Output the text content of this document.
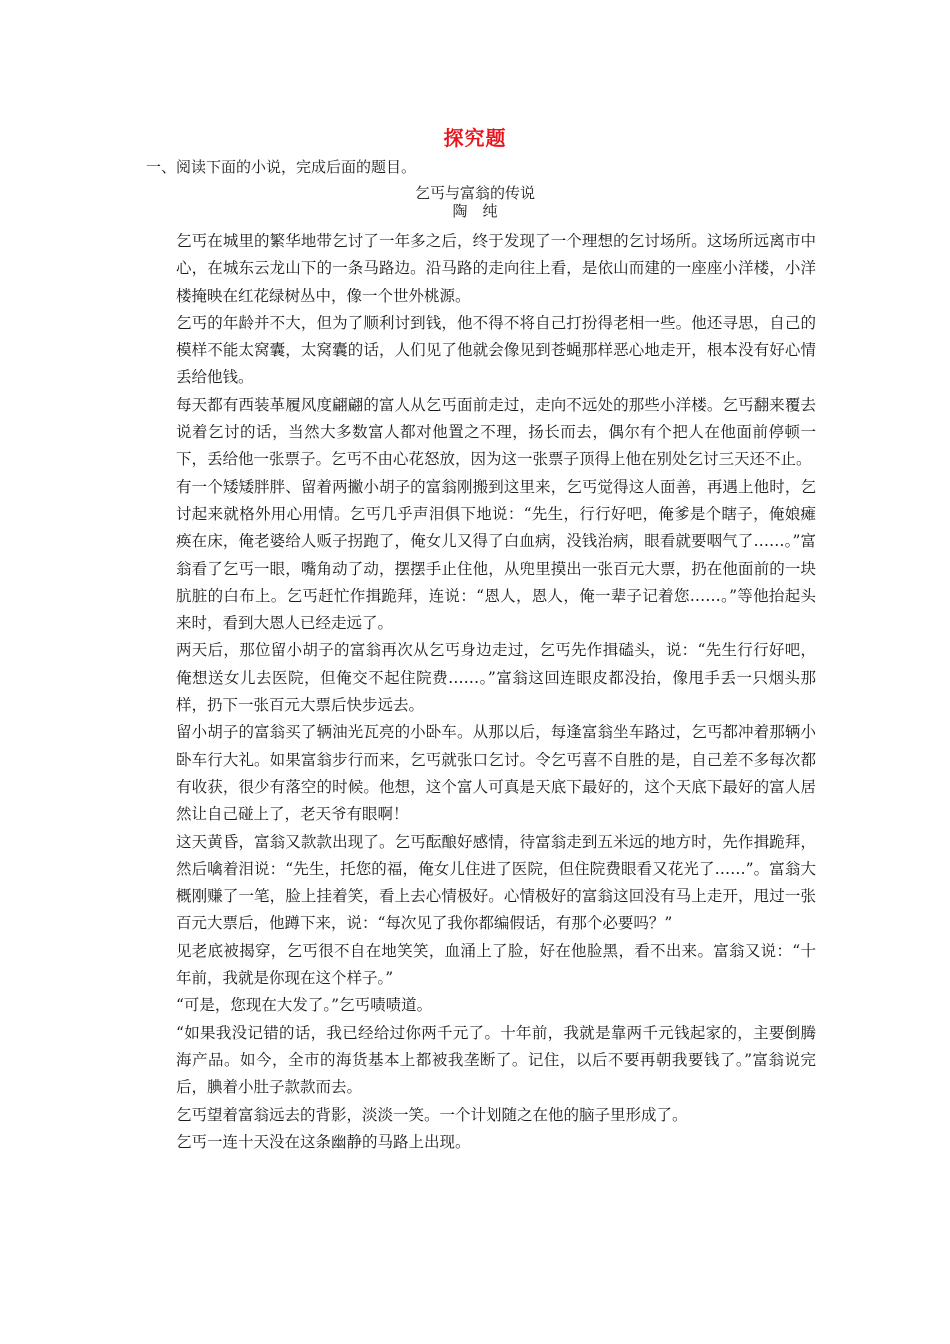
探究题
一、阅读下面的小说，完成后面的题目。
乞丐与富翁的传说
陶　纯

乞丐在城里的繁华地带乞讨了一年多之后，终于发现了一个理想的乞讨场所。这场所远离市中心，在城东云龙山下的一条马路边。沿马路的走向往上看，是依山而建的一座座小洋楼，小洋楼掩映在红花绿树丛中，像一个世外桃源。

乞丐的年龄并不大，但为了顺利讨到钱，他不得不将自己打扮得老相一些。他还寻思，自己的模样不能太窝囊，太窝囊的话，人们见了他就会像见到苍蝇那样恶心地走开，根本没有好心情丢给他钱。

每天都有西装革履风度翩翩的富人从乞丐面前走过，走向不远处的那些小洋楼。乞丐翻来覆去说着乞讨的话，当然大多数富人都对他置之不理，扬长而去，偶尔有个把人在他面前停顿一下，丢给他一张票子。乞丐不由心花怒放，因为这一张票子顶得上他在别处乞讨三天还不止。

有一个矮矮胖胖、留着两撇小胡子的富翁刚搬到这里来，乞丐觉得这人面善，再遇上他时，乞讨起来就格外用心用情。乞丐几乎声泪俱下地说：“先生，行行好吧，俺爹是个瞎子，俺娘瘫痪在床，俺老婆给人贩子拐跑了，俺女儿又得了白血病，没钱治病，眼看就要咽气了……。”富翁看了乞丐一眼，嘴角动了动，摆摆手止住他，从兜里摸出一张百元大票，扔在他面前的一块肮脏的白布上。乞丐赶忙作揖跪拜，连说：“恩人，恩人，俺一辈子记着您……。”等他抬起头来时，看到大恩人已经走远了。

两天后，那位留小胡子的富翁再次从乞丐身边走过，乞丐先作揖磕头，说：“先生行行好吧，俺想送女儿去医院，但俺交不起住院费……。”富翁这回连眼皮都没抬，像甩手丢一只烟头那样，扔下一张百元大票后快步远去。

留小胡子的富翁买了辆油光瓦亮的小卧车。从那以后，每逢富翁坐车路过，乞丐都冲着那辆小卧车行大礼。如果富翁步行而来，乞丐就张口乞讨。令乞丐喜不自胜的是，自己差不多每次都有收获，很少有落空的时候。他想，这个富人可真是天底下最好的，这个天底下最好的富人居然让自己碰上了，老天爷有眼啊！

这天黄昏，富翁又款款出现了。乞丐酝酿好感情，待富翁走到五米远的地方时，先作揖跪拜，然后噙着泪说：“先生，托您的福，俺女儿住进了医院，但住院费眼看又花光了……”。富翁大概刚赚了一笔，脸上挂着笑，看上去心情极好。心情极好的富翁这回没有马上走开，甩过一张百元大票后，他蹲下来，说：“每次见了我你都编假话，有那个必要吗？”

见老底被揭穿，乞丐很不自在地笑笑，血涌上了脸，好在他脸黑，看不出来。富翁又说：“十年前，我就是你现在这个样子。”

“可是，您现在大发了。”乞丐啧啧道。

“如果我没记错的话，我已经给过你两千元了。十年前，我就是靠两千元钱起家的，主要倒腾海产品。如今，全市的海货基本上都被我垄断了。记住，以后不要再朝我要钱了。”富翁说完后，腆着小肚子款款而去。

乞丐望着富翁远去的背影，淡淡一笑。一个计划随之在他的脑子里形成了。

乞丐一连十天没在这条幽静的马路上出现。
